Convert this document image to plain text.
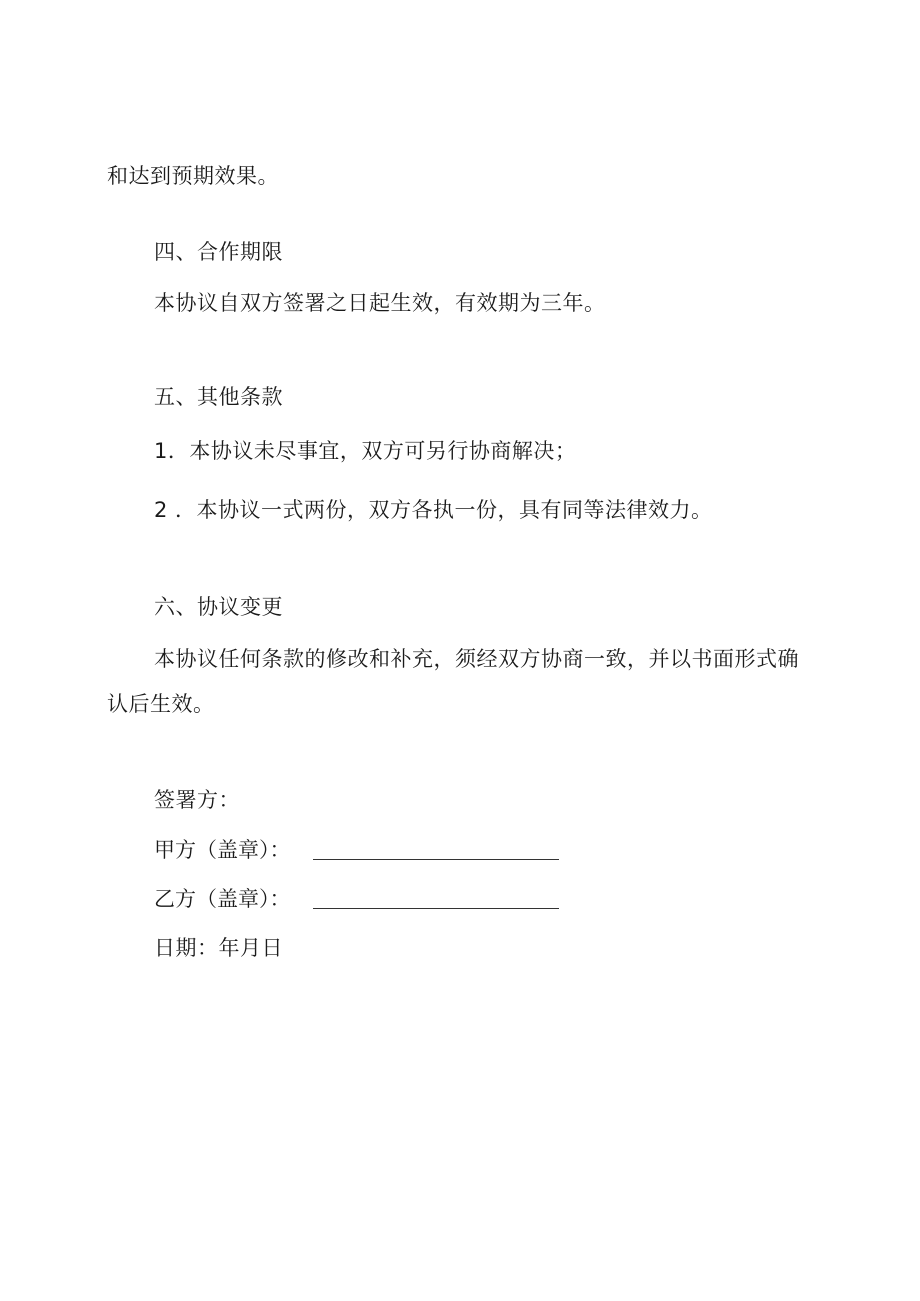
和达到预期效果。
四、合作期限
本协议自双方签署之日起生效，有效期为三年。
五、其他条款
1．本协议未尽事宜，双方可另行协商解决；
2 ．本协议一式两份，双方各执一份，具有同等法律效力。
六、协议变更
本协议任何条款的修改和补充，须经双方协商一致，并以书面形式确
认后生效。
签署方：
甲方（盖章）：
乙方（盖章）：
日期：年月日
